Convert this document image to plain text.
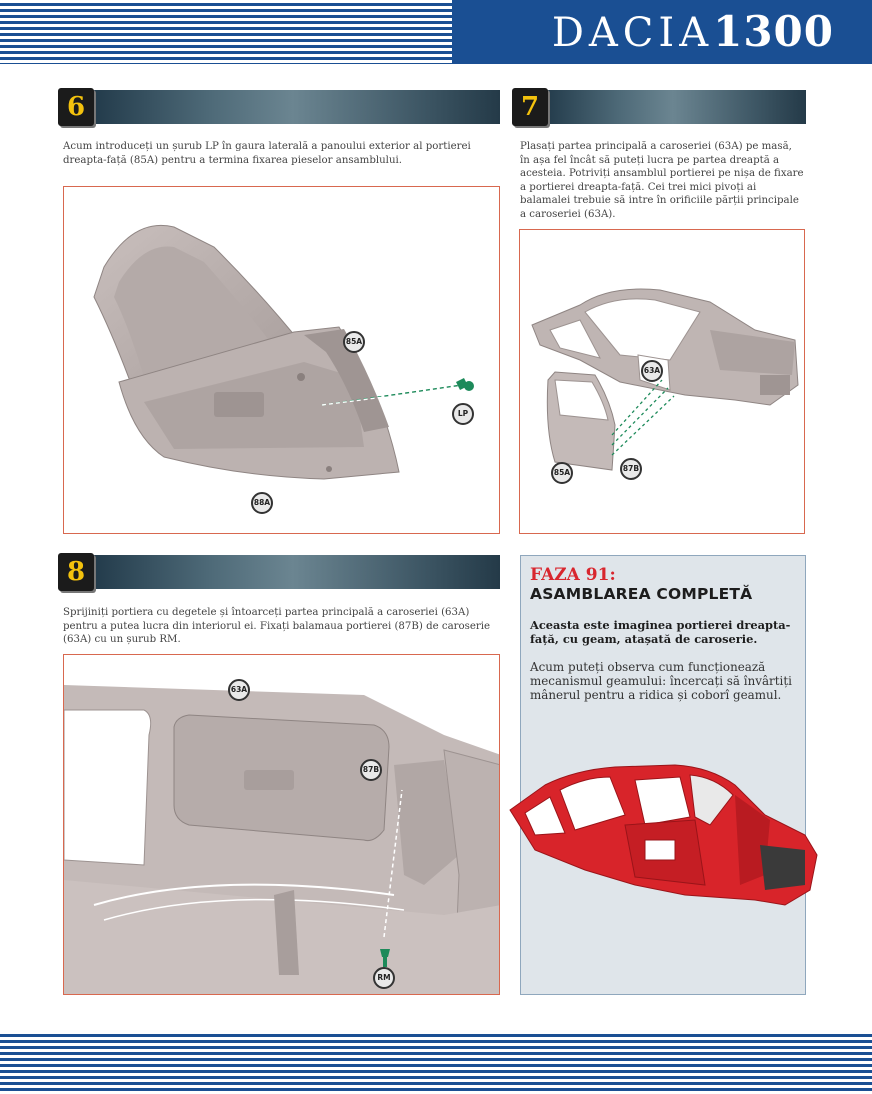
DACIA1300
6
Acum introduceți un șurub LP în gaura laterală a panoului exterior al portierei dreapta-față (85A) pentru a termina fixarea pieselor ansamblului.
85A
LP
88A
7
Plasați partea principală a caroseriei (63A) pe masă, în așa fel încât să puteți lucra pe partea dreaptă a acesteia. Potriviți ansamblul portierei pe nișa de fixare a portierei dreapta-față. Cei trei mici pivoți ai balamalei trebuie să intre în orificiile părții principale a caroseriei (63A).
63A
85A	87B
8
Sprijiniți portiera cu degetele și întoarceți partea principală a caroseriei (63A) pentru a putea lucra din interiorul ei. Fixați balamaua portierei (87B) de caroserie (63A) cu un șurub RM.
63A
87B
RM
FAZA 91:
ASAMBLAREA COMPLETĂ
Aceasta este imaginea portierei dreapta-față, cu geam, atașată de caroserie.
Acum puteți observa cum funcționează mecanismul geamului: încercați să învârtiți mânerul pentru a ridica și coborî geamul.
